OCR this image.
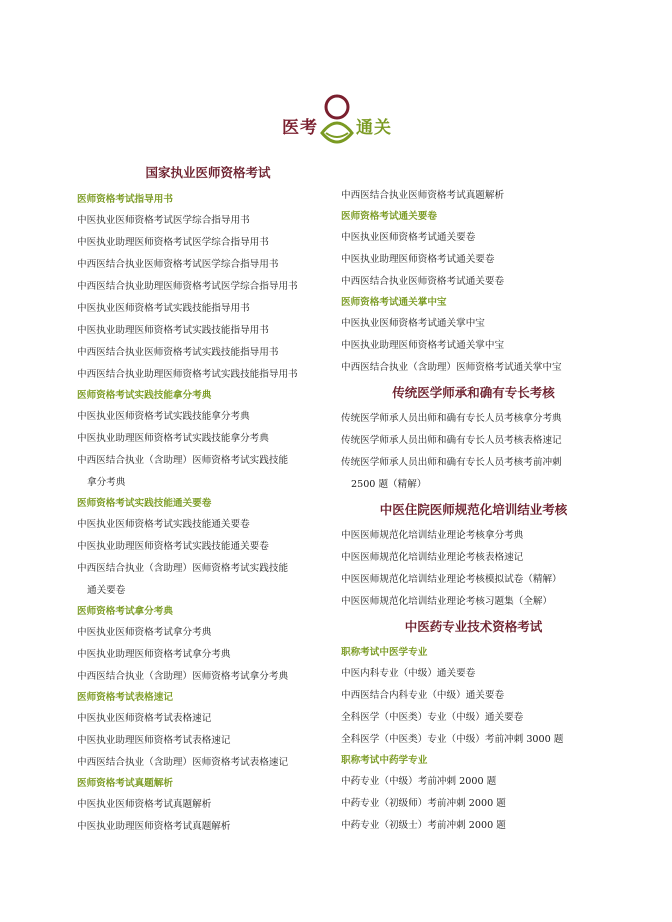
医考 通关
国家执业医师资格考试
医师资格考试指导用书
中医执业医师资格考试医学综合指导用书
中医执业助理医师资格考试医学综合指导用书
中西医结合执业医师资格考试医学综合指导用书
中西医结合执业助理医师资格考试医学综合指导用书
中医执业医师资格考试实践技能指导用书
中医执业助理医师资格考试实践技能指导用书
中西医结合执业医师资格考试实践技能指导用书
中西医结合执业助理医师资格考试实践技能指导用书
医师资格考试实践技能拿分考典
中医执业医师资格考试实践技能拿分考典
中医执业助理医师资格考试实践技能拿分考典
中西医结合执业（含助理）医师资格考试实践技能
拿分考典
医师资格考试实践技能通关要卷
中医执业医师资格考试实践技能通关要卷
中医执业助理医师资格考试实践技能通关要卷
中西医结合执业（含助理）医师资格考试实践技能
通关要卷
医师资格考试拿分考典
中医执业医师资格考试拿分考典
中医执业助理医师资格考试拿分考典
中西医结合执业（含助理）医师资格考试拿分考典
医师资格考试表格速记
中医执业医师资格考试表格速记
中医执业助理医师资格考试表格速记
中西医结合执业（含助理）医师资格考试表格速记
医师资格考试真题解析
中医执业医师资格考试真题解析
中医执业助理医师资格考试真题解析
中西医结合执业医师资格考试真题解析
医师资格考试通关要卷
中医执业医师资格考试通关要卷
中医执业助理医师资格考试通关要卷
中西医结合执业医师资格考试通关要卷
医师资格考试通关掌中宝
中医执业医师资格考试通关掌中宝
中医执业助理医师资格考试通关掌中宝
中西医结合执业（含助理）医师资格考试通关掌中宝
传统医学师承和确有专长考核
传统医学师承人员出师和确有专长人员考核拿分考典
传统医学师承人员出师和确有专长人员考核表格速记
传统医学师承人员出师和确有专长人员考核考前冲刺
2500 题（精解）
中医住院医师规范化培训结业考核
中医医师规范化培训结业理论考核拿分考典
中医医师规范化培训结业理论考核表格速记
中医医师规范化培训结业理论考核模拟试卷（精解）
中医医师规范化培训结业理论考核习题集（全解）
中医药专业技术资格考试
职称考试中医学专业
中医内科专业（中级）通关要卷
中西医结合内科专业（中级）通关要卷
全科医学（中医类）专业（中级）通关要卷
全科医学（中医类）专业（中级）考前冲刺 3000 题
职称考试中药学专业
中药专业（中级）考前冲刺 2000 题
中药专业（初级师）考前冲刺 2000 题
中药专业（初级士）考前冲刺 2000 题
